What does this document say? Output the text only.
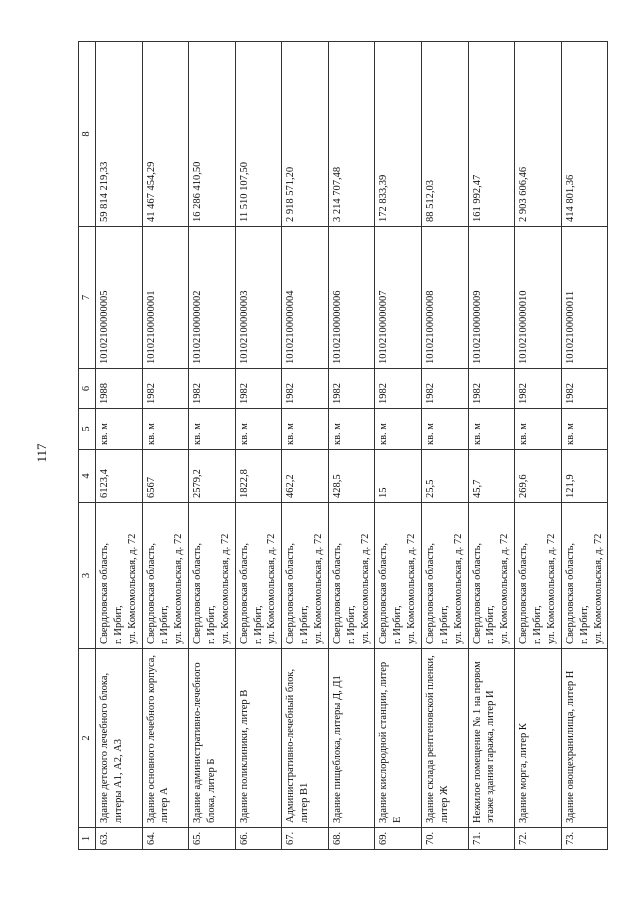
117
1	2	3	4	5	6	7	8
63.	Здание детского лечебного блока, литеры А1, А2, А3	Свердловская область,
г. Ирбит,
ул. Комсомольская, д. 72	6123,4	кв. м	1988	10102100000005	59 814 219,33
64.	Здание основного лечебного корпуса, литер А	Свердловская область,
г. Ирбит,
ул. Комсомольская, д. 72	6567	кв. м	1982	10102100000001	41 467 454,29
65.	Здание административно-лечебного блока, литер Б	Свердловская область,
г. Ирбит,
ул. Комсомольская, д. 72	2579,2	кв. м	1982	10102100000002	16 286 410,50
66.	Здание поликлиники, литер В	Свердловская область,
г. Ирбит,
ул. Комсомольская, д. 72	1822,8	кв. м	1982	10102100000003	11 510 107,50
67.	Административно-лечебный блок, литер В1	Свердловская область,
г. Ирбит,
ул. Комсомольская, д. 72	462,2	кв. м	1982	10102100000004	2 918 571,20
68.	Здание пищеблока, литеры Д, Д1	Свердловская область,
г. Ирбит,
ул. Комсомольская, д. 72	428,5	кв. м	1982	10102100000006	3 214 707,48
69.	Здание кислородной станции, литер Е	Свердловская область,
г. Ирбит,
ул. Комсомольская, д. 72	15	кв. м	1982	10102100000007	172 833,39
70.	Здание склада рентгеновской пленки, литер Ж	Свердловская область,
г. Ирбит,
ул. Комсомольская, д. 72	25,5	кв. м	1982	10102100000008	88 512,03
71.	Нежилое помещение № 1 на первом этаже здания гаража, литер И	Свердловская область,
г. Ирбит,
ул. Комсомольская, д. 72	45,7	кв. м	1982	10102100000009	161 992,47
72.	Здание морга, литер К	Свердловская область,
г. Ирбит,
ул. Комсомольская, д. 72	269,6	кв. м	1982	10102100000010	2 903 606,46
73.	Здание овощехранилища, литер Н	Свердловская область,
г. Ирбит,
ул. Комсомольская, д. 72	121,9	кв. м	1982	10102100000011	414 801,36
